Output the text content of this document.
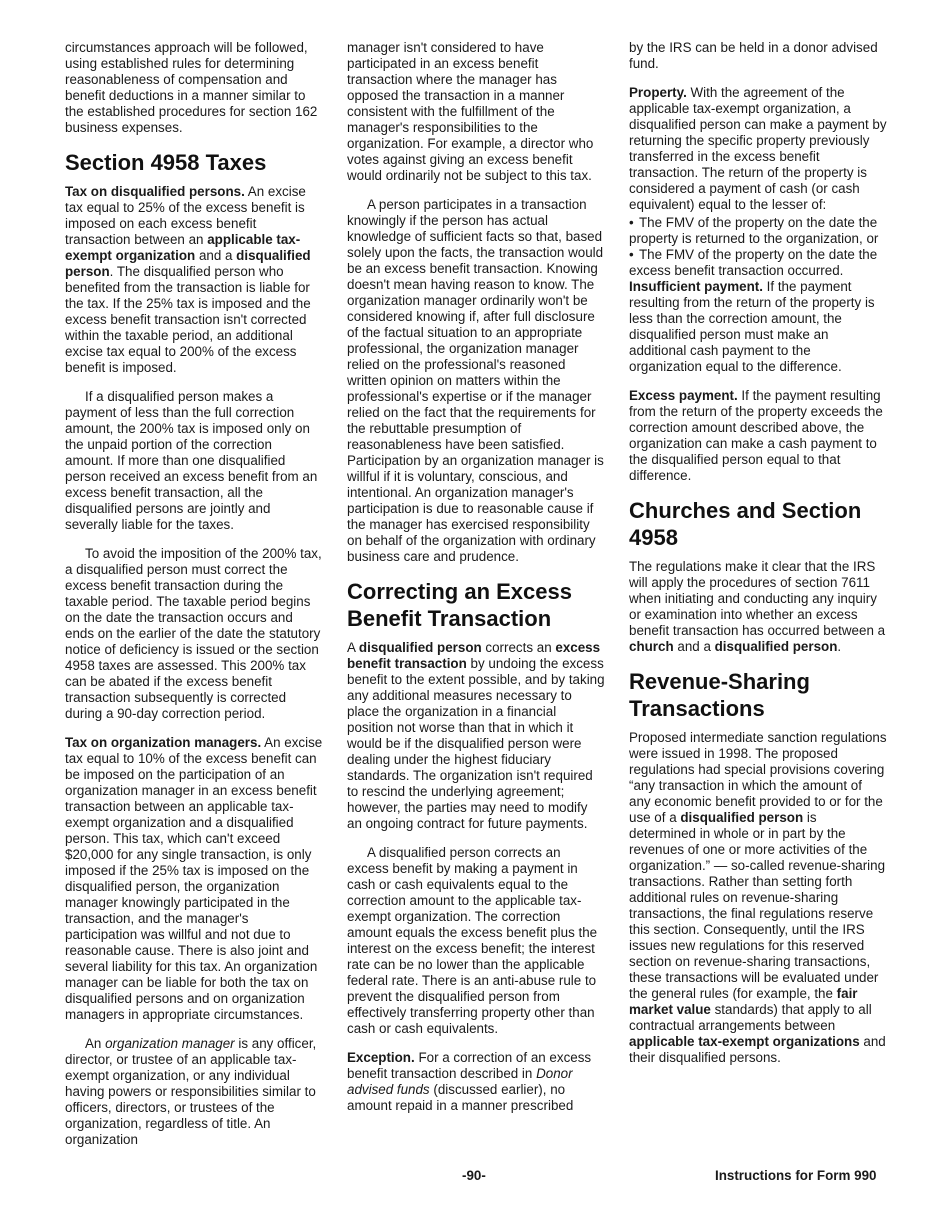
circumstances approach will be followed, using established rules for determining reasonableness of compensation and benefit deductions in a manner similar to the established procedures for section 162 business expenses.

Section 4958 Taxes

Tax on disqualified persons. An excise tax equal to 25% of the excess benefit is imposed on each excess benefit transaction between an applicable tax-exempt organization and a disqualified person. The disqualified person who benefited from the transaction is liable for the tax. If the 25% tax is imposed and the excess benefit transaction isn't corrected within the taxable period, an additional excise tax equal to 200% of the excess benefit is imposed.

If a disqualified person makes a payment of less than the full correction amount, the 200% tax is imposed only on the unpaid portion of the correction amount. If more than one disqualified person received an excess benefit from an excess benefit transaction, all the disqualified persons are jointly and severally liable for the taxes.

To avoid the imposition of the 200% tax, a disqualified person must correct the excess benefit transaction during the taxable period. The taxable period begins on the date the transaction occurs and ends on the earlier of the date the statutory notice of deficiency is issued or the section 4958 taxes are assessed. This 200% tax can be abated if the excess benefit transaction subsequently is corrected during a 90-day correction period.

Tax on organization managers. An excise tax equal to 10% of the excess benefit can be imposed on the participation of an organization manager in an excess benefit transaction between an applicable tax-exempt organization and a disqualified person. This tax, which can't exceed $20,000 for any single transaction, is only imposed if the 25% tax is imposed on the disqualified person, the organization manager knowingly participated in the transaction, and the manager's participation was willful and not due to reasonable cause. There is also joint and several liability for this tax. An organization manager can be liable for both the tax on disqualified persons and on organization managers in appropriate circumstances.

An organization manager is any officer, director, or trustee of an applicable tax-exempt organization, or any individual having powers or responsibilities similar to officers, directors, or trustees of the organization, regardless of title. An organization

manager isn't considered to have participated in an excess benefit transaction where the manager has opposed the transaction in a manner consistent with the fulfillment of the manager's responsibilities to the organization. For example, a director who votes against giving an excess benefit would ordinarily not be subject to this tax.

A person participates in a transaction knowingly if the person has actual knowledge of sufficient facts so that, based solely upon the facts, the transaction would be an excess benefit transaction. Knowing doesn't mean having reason to know. The organization manager ordinarily won't be considered knowing if, after full disclosure of the factual situation to an appropriate professional, the organization manager relied on the professional's reasoned written opinion on matters within the professional's expertise or if the manager relied on the fact that the requirements for the rebuttable presumption of reasonableness have been satisfied. Participation by an organization manager is willful if it is voluntary, conscious, and intentional. An organization manager's participation is due to reasonable cause if the manager has exercised responsibility on behalf of the organization with ordinary business care and prudence.

Correcting an Excess Benefit Transaction

A disqualified person corrects an excess benefit transaction by undoing the excess benefit to the extent possible, and by taking any additional measures necessary to place the organization in a financial position not worse than that in which it would be if the disqualified person were dealing under the highest fiduciary standards. The organization isn't required to rescind the underlying agreement; however, the parties may need to modify an ongoing contract for future payments.

A disqualified person corrects an excess benefit by making a payment in cash or cash equivalents equal to the correction amount to the applicable tax-exempt organization. The correction amount equals the excess benefit plus the interest on the excess benefit; the interest rate can be no lower than the applicable federal rate. There is an anti-abuse rule to prevent the disqualified person from effectively transferring property other than cash or cash equivalents.

Exception. For a correction of an excess benefit transaction described in Donor advised funds (discussed earlier), no amount repaid in a manner prescribed

by the IRS can be held in a donor advised fund.

Property. With the agreement of the applicable tax-exempt organization, a disqualified person can make a payment by returning the specific property previously transferred in the excess benefit transaction. The return of the property is considered a payment of cash (or cash equivalent) equal to the lesser of:

• The FMV of the property on the date the property is returned to the organization, or

• The FMV of the property on the date the excess benefit transaction occurred.

Insufficient payment. If the payment resulting from the return of the property is less than the correction amount, the disqualified person must make an additional cash payment to the organization equal to the difference.

Excess payment. If the payment resulting from the return of the property exceeds the correction amount described above, the organization can make a cash payment to the disqualified person equal to that difference.

Churches and Section 4958

The regulations make it clear that the IRS will apply the procedures of section 7611 when initiating and conducting any inquiry or examination into whether an excess benefit transaction has occurred between a church and a disqualified person.

Revenue-Sharing Transactions

Proposed intermediate sanction regulations were issued in 1998. The proposed regulations had special provisions covering “any transaction in which the amount of any economic benefit provided to or for the use of a disqualified person is determined in whole or in part by the revenues of one or more activities of the organization.” — so-called revenue-sharing transactions. Rather than setting forth additional rules on revenue-sharing transactions, the final regulations reserve this section. Consequently, until the IRS issues new regulations for this reserved section on revenue-sharing transactions, these transactions will be evaluated under the general rules (for example, the fair market value standards) that apply to all contractual arrangements between applicable tax-exempt organizations and their disqualified persons.

-90-	Instructions for Form 990
